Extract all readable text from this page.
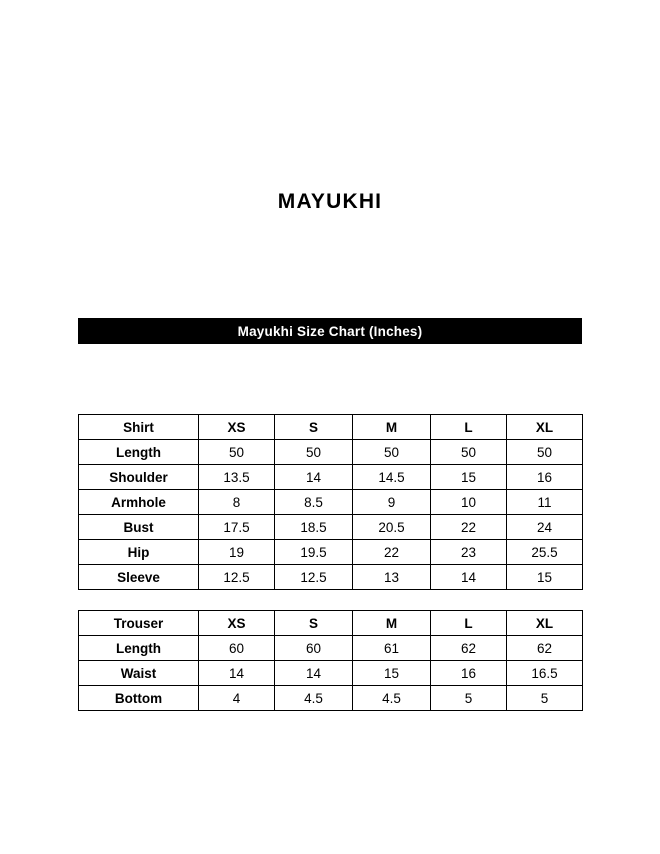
MAYUKHI
Mayukhi Size Chart (Inches)
Shirt	XS	S	M	L	XL
Length	50	50	50	50	50
Shoulder	13.5	14	14.5	15	16
Armhole	8	8.5	9	10	11
Bust	17.5	18.5	20.5	22	24
Hip	19	19.5	22	23	25.5
Sleeve	12.5	12.5	13	14	15
Trouser	XS	S	M	L	XL
Length	60	60	61	62	62
Waist	14	14	15	16	16.5
Bottom	4	4.5	4.5	5	5
